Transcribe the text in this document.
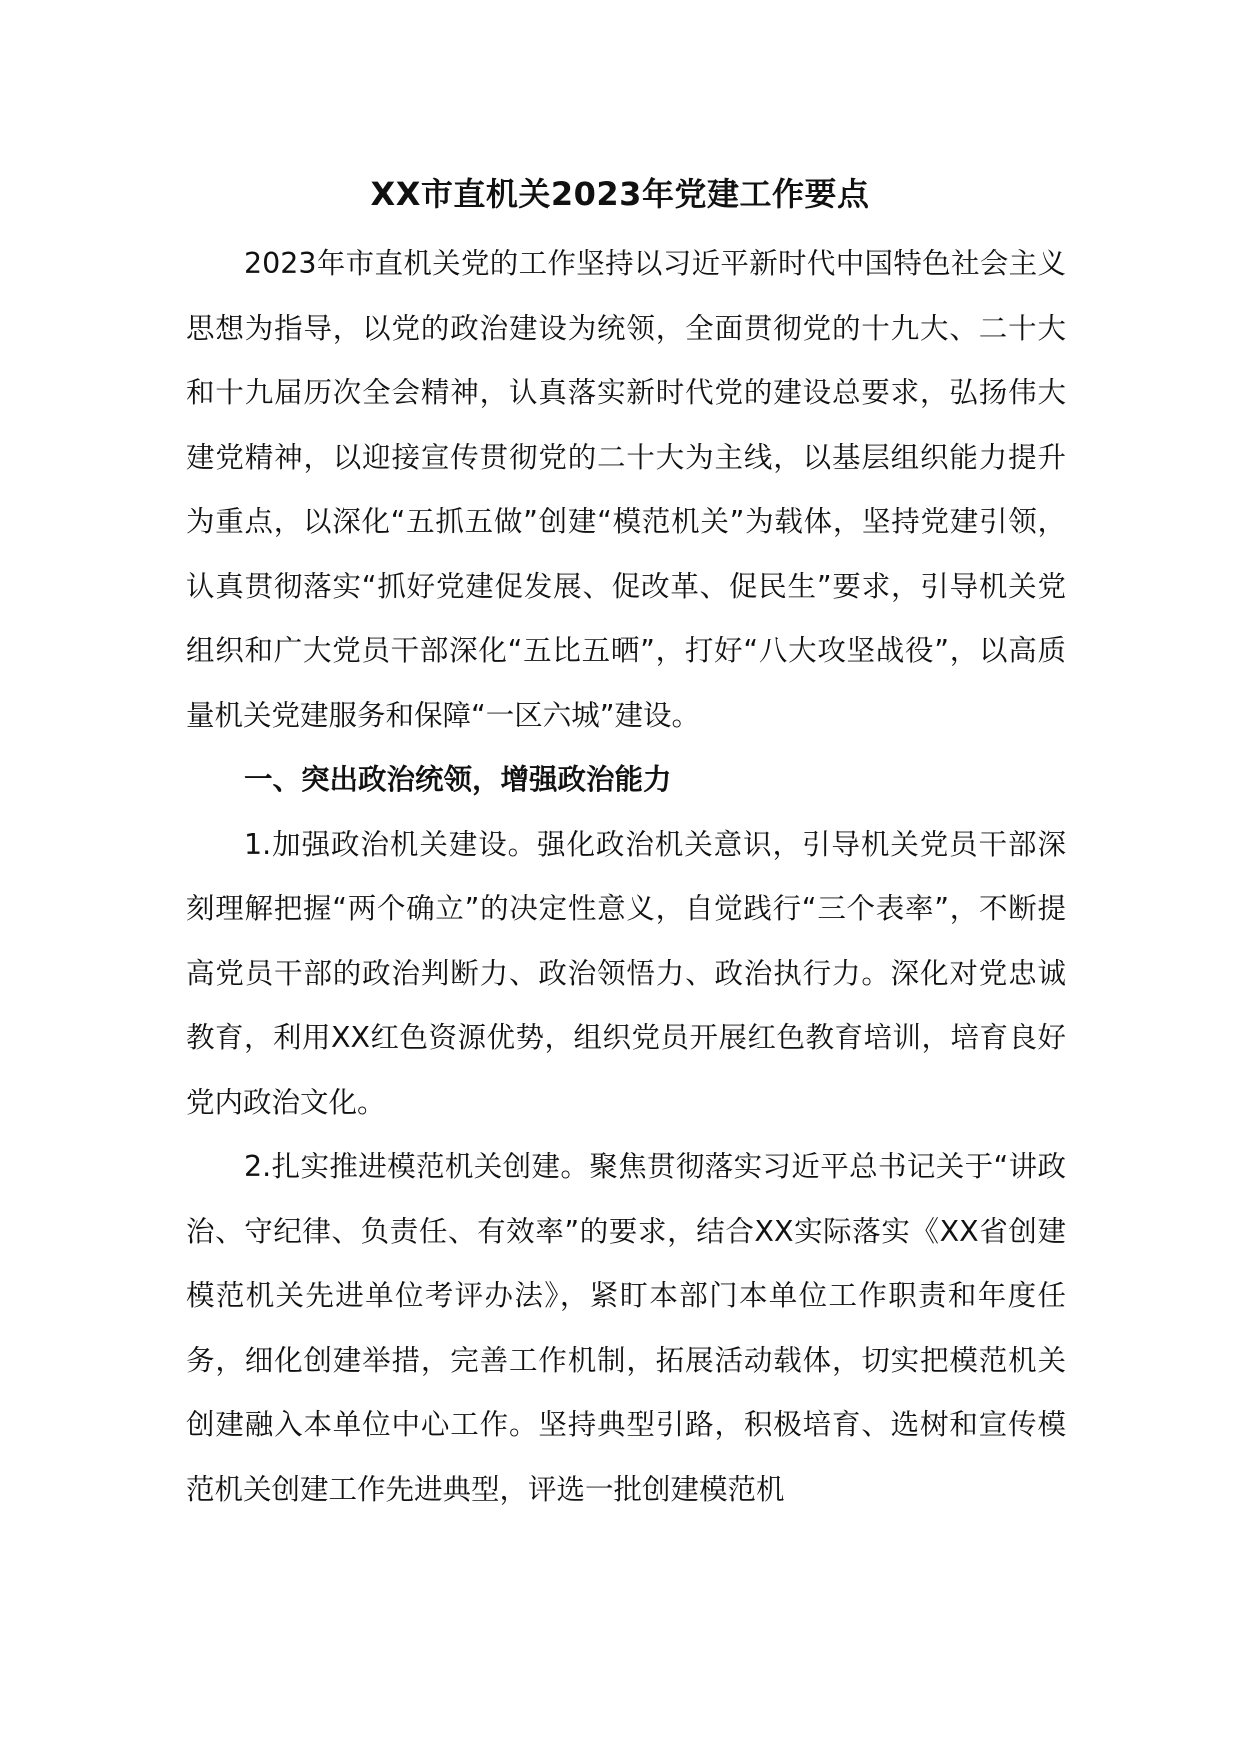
XX市直机关2023年党建工作要点

2023年市直机关党的工作坚持以习近平新时代中国特色社会主义思想为指导，以党的政治建设为统领，全面贯彻党的十九大、二十大和十九届历次全会精神，认真落实新时代党的建设总要求，弘扬伟大建党精神，以迎接宣传贯彻党的二十大为主线，以基层组织能力提升为重点，以深化“五抓五做”创建“模范机关”为载体，坚持党建引领，认真贯彻落实“抓好党建促发展、促改革、促民生”要求，引导机关党组织和广大党员干部深化“五比五晒”，打好“八大攻坚战役”，以高质量机关党建服务和保障“一区六城”建设。

一、突出政治统领，增强政治能力

1.加强政治机关建设。强化政治机关意识，引导机关党员干部深刻理解把握“两个确立”的决定性意义，自觉践行“三个表率”，不断提高党员干部的政治判断力、政治领悟力、政治执行力。深化对党忠诚教育，利用XX红色资源优势，组织党员开展红色教育培训，培育良好党内政治文化。

2.扎实推进模范机关创建。聚焦贯彻落实习近平总书记关于“讲政治、守纪律、负责任、有效率”的要求，结合XX实际落实《XX省创建模范机关先进单位考评办法》，紧盯本部门本单位工作职责和年度任务，细化创建举措，完善工作机制，拓展活动载体，切实把模范机关创建融入本单位中心工作。坚持典型引路，积极培育、选树和宣传模范机关创建工作先进典型，评选一批创建模范机
